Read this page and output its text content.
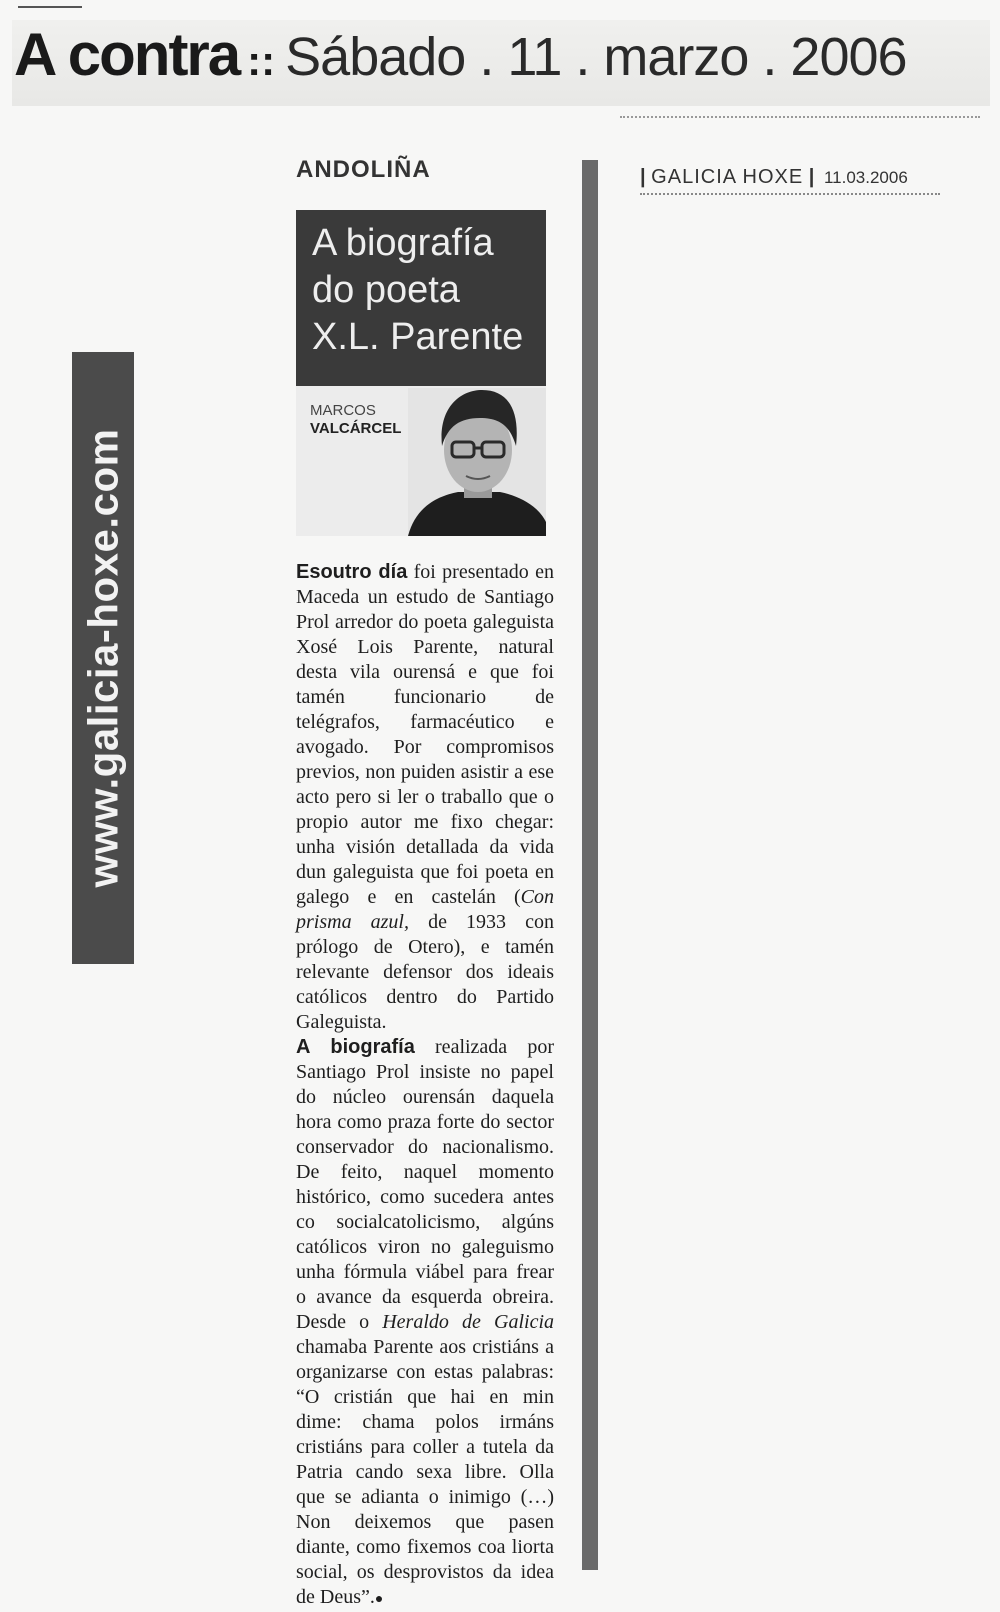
A contra :: Sábado . 11 . marzo . 2006
www.galicia-hoxe.com
| GALICIA HOXE | 11.03.2006
ANDOLIÑA
A biografía do poeta X.L. Parente
MARCOS
VALCÁRCEL

Esoutro día foi presentado en Maceda un estudo de Santiago Prol arredor do poeta galeguista Xosé Lois Parente, natural desta vila ourensá e que foi tamén funcionario de telégrafos, farmacéutico e avogado. Por compromisos previos, non puiden asistir a ese acto pero si ler o traballo que o propio autor me fixo chegar: unha visión detallada da vida dun galeguista que foi poeta en galego e en castelán (Con prisma azul, de 1933 con prólogo de Otero), e tamén relevante defensor dos ideais católicos dentro do Partido Galeguista.

A biografía realizada por Santiago Prol insiste no papel do núcleo ourensán daquela hora como praza forte do sector conservador do nacionalismo. De feito, naquel momento histórico, como sucedera antes co socialcatolicismo, algúns católicos viron no galeguismo unha fórmula viábel para frear o avance da esquerda obreira. Desde o Heraldo de Galicia chamaba Parente aos cristiáns a organizarse con estas palabras: “O cristián que hai en min dime: chama polos irmáns cristiáns para coller a tutela da Patria cando sexa libre. Olla que se adianta o inimigo (…) Non deixemos que pasen diante, como fixemos coa liorta social, os desprovistos da idea de Deus”.●
